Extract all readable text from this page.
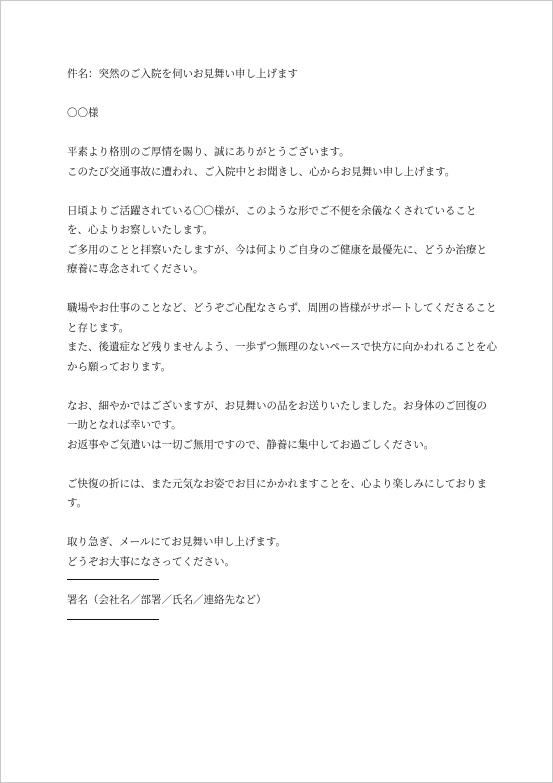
件名：突然のご入院を伺いお見舞い申し上げます
〇〇様
平素より格別のご厚情を賜り、誠にありがとうございます。
このたび交通事故に遭われ、ご入院中とお聞きし、心からお見舞い申し上げます。
日頃よりご活躍されている〇〇様が、このような形でご不便を余儀なくされていることを、心よりお察しいたします。
ご多用のことと拝察いたしますが、今は何よりご自身のご健康を最優先に、どうか治療と療養に専念されてください。
職場やお仕事のことなど、どうぞご心配なさらず、周囲の皆様がサポートしてくださることと存じます。
また、後遺症など残りませんよう、一歩ずつ無理のないペースで快方に向かわれることを心から願っております。
なお、細やかではございますが、お見舞いの品をお送りいたしました。お身体のご回復の一助となれば幸いです。
お返事やご気遣いは一切ご無用ですので、静養に集中してお過ごしください。
ご快復の折には、また元気なお姿でお目にかかれますことを、心より楽しみにしております。
取り急ぎ、メールにてお見舞い申し上げます。
どうぞお大事になさってください。
署名（会社名／部署／氏名／連絡先など）
